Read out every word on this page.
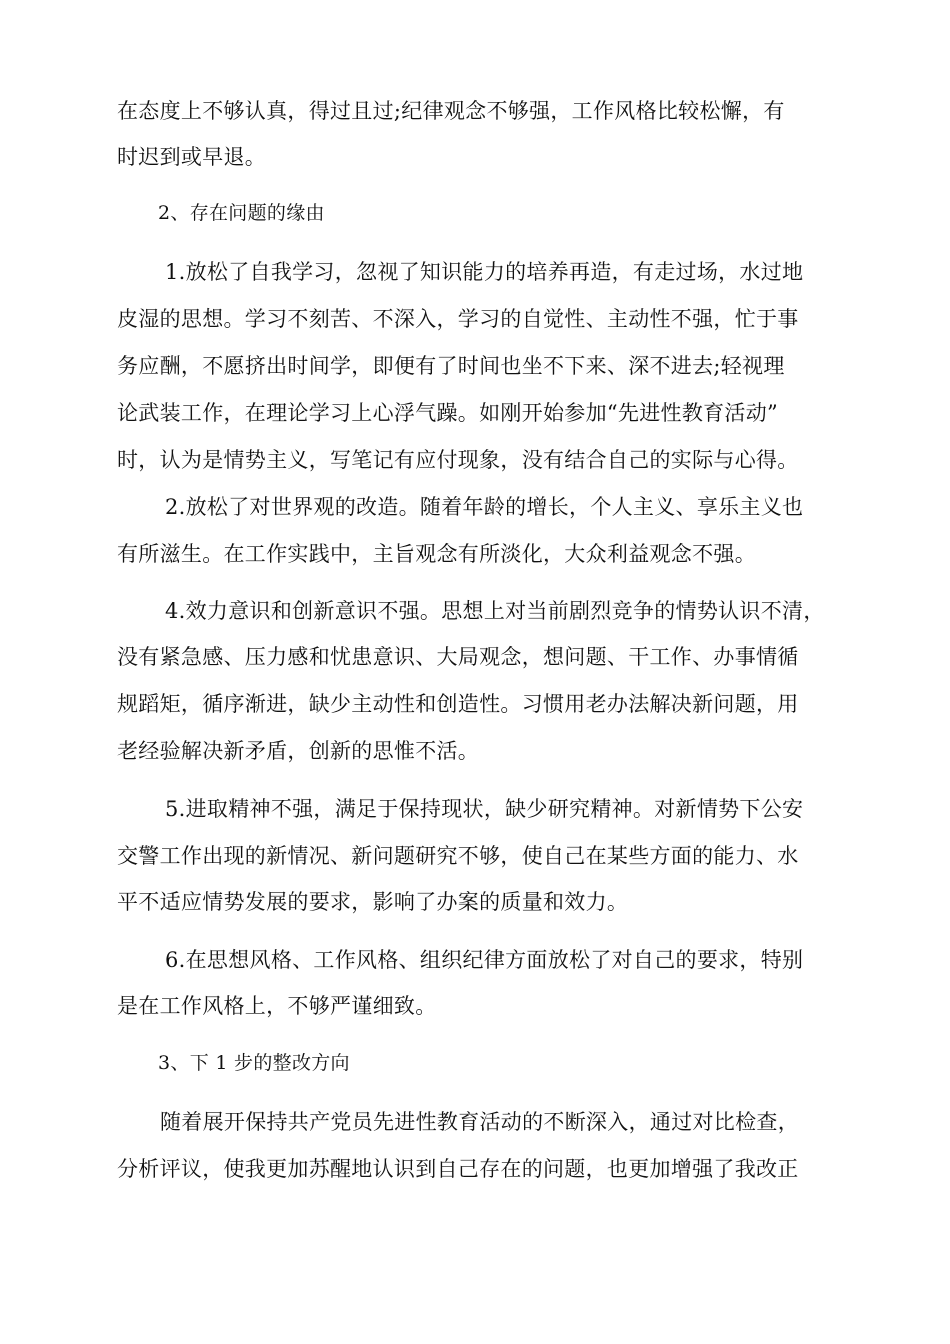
在态度上不够认真，得过且过;纪律观念不够强，工作风格比较松懈，有
时迟到或早退。
2、存在问题的缘由
1.放松了自我学习，忽视了知识能力的培养再造，有走过场，水过地
皮湿的思想。学习不刻苦、不深入，学习的自觉性、主动性不强，忙于事
务应酬，不愿挤出时间学，即便有了时间也坐不下来、深不进去;轻视理
论武装工作，在理论学习上心浮气躁。如刚开始参加“先进性教育活动”
时，认为是情势主义，写笔记有应付现象，没有结合自己的实际与心得。
2.放松了对世界观的改造。随着年龄的增长，个人主义、享乐主义也
有所滋生。在工作实践中，主旨观念有所淡化，大众利益观念不强。
4.效力意识和创新意识不强。思想上对当前剧烈竞争的情势认识不清，
没有紧急感、压力感和忧患意识、大局观念，想问题、干工作、办事情循
规蹈矩，循序渐进，缺少主动性和创造性。习惯用老办法解决新问题，用
老经验解决新矛盾，创新的思惟不活。
5.进取精神不强，满足于保持现状，缺少研究精神。对新情势下公安
交警工作出现的新情况、新问题研究不够，使自己在某些方面的能力、水
平不适应情势发展的要求，影响了办案的质量和效力。
6.在思想风格、工作风格、组织纪律方面放松了对自己的要求，特别
是在工作风格上，不够严谨细致。
3、下 1 步的整改方向
随着展开保持共产党员先进性教育活动的不断深入，通过对比检查，
分析评议，使我更加苏醒地认识到自己存在的问题，也更加增强了我改正
